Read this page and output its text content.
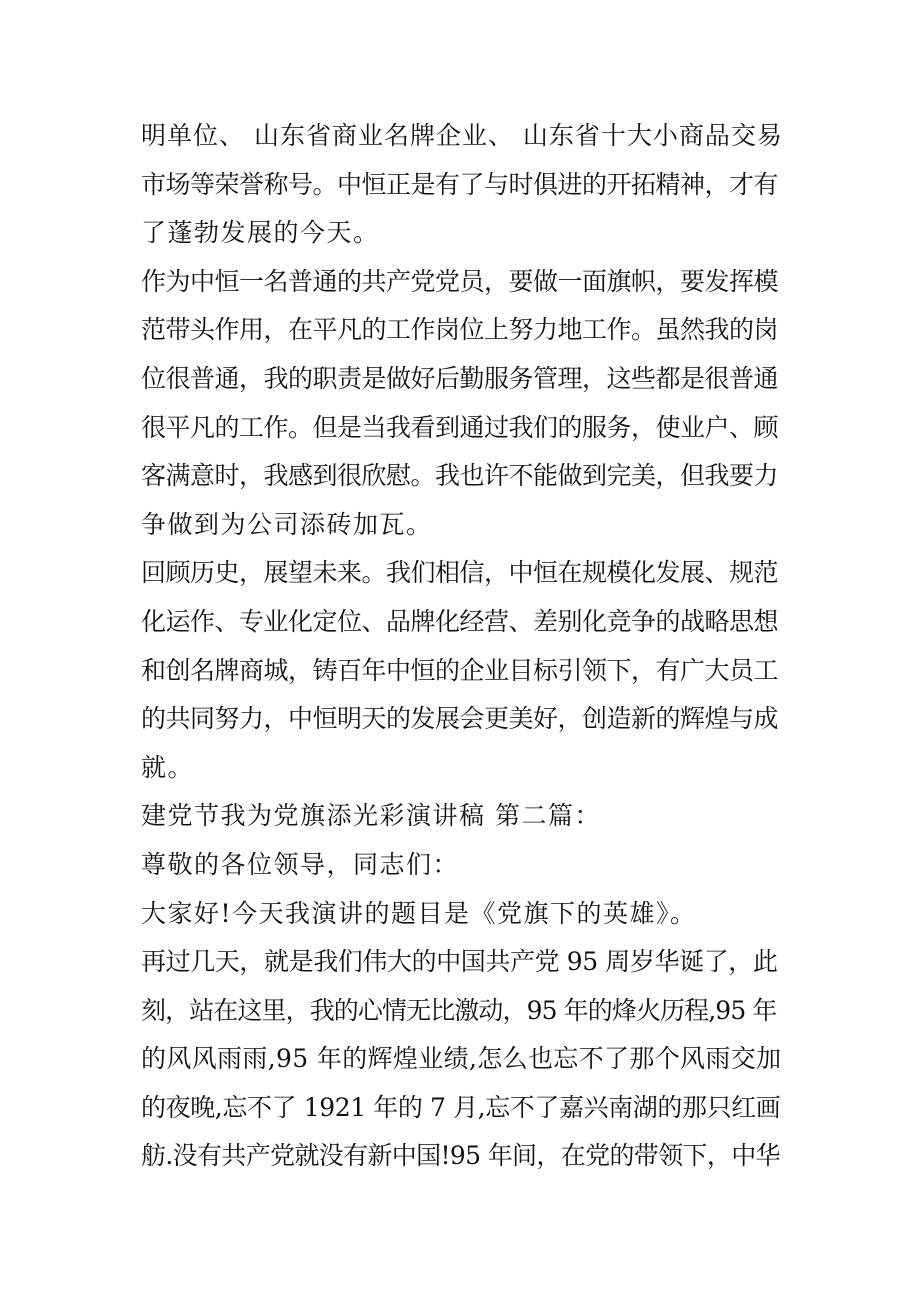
明单位、 山东省商业名牌企业、 山东省十大小商品交易
市场等荣誉称号。中恒正是有了与时俱进的开拓精神，才有
了蓬勃发展的今天。
作为中恒一名普通的共产党党员，要做一面旗帜，要发挥模
范带头作用，在平凡的工作岗位上努力地工作。虽然我的岗
位很普通，我的职责是做好后勤服务管理，这些都是很普通
很平凡的工作。但是当我看到通过我们的服务，使业户、顾
客满意时，我感到很欣慰。我也许不能做到完美，但我要力
争做到为公司添砖加瓦。
回顾历史，展望未来。我们相信，中恒在规模化发展、规范
化运作、专业化定位、品牌化经营、差别化竞争的战略思想
和创名牌商城，铸百年中恒的企业目标引领下，有广大员工
的共同努力，中恒明天的发展会更美好，创造新的辉煌与成
就。
建党节我为党旗添光彩演讲稿 第二篇：
尊敬的各位领导，同志们：
大家好!今天我演讲的题目是《党旗下的英雄》。
再过几天，就是我们伟大的中国共产党 95 周岁华诞了，此
刻，站在这里，我的心情无比激动，95 年的烽火历程,95 年
的风风雨雨,95 年的辉煌业绩,怎么也忘不了那个风雨交加
的夜晚,忘不了 1921 年的 7 月,忘不了嘉兴南湖的那只红画
舫.没有共产党就没有新中国!95 年间，在党的带领下，中华
